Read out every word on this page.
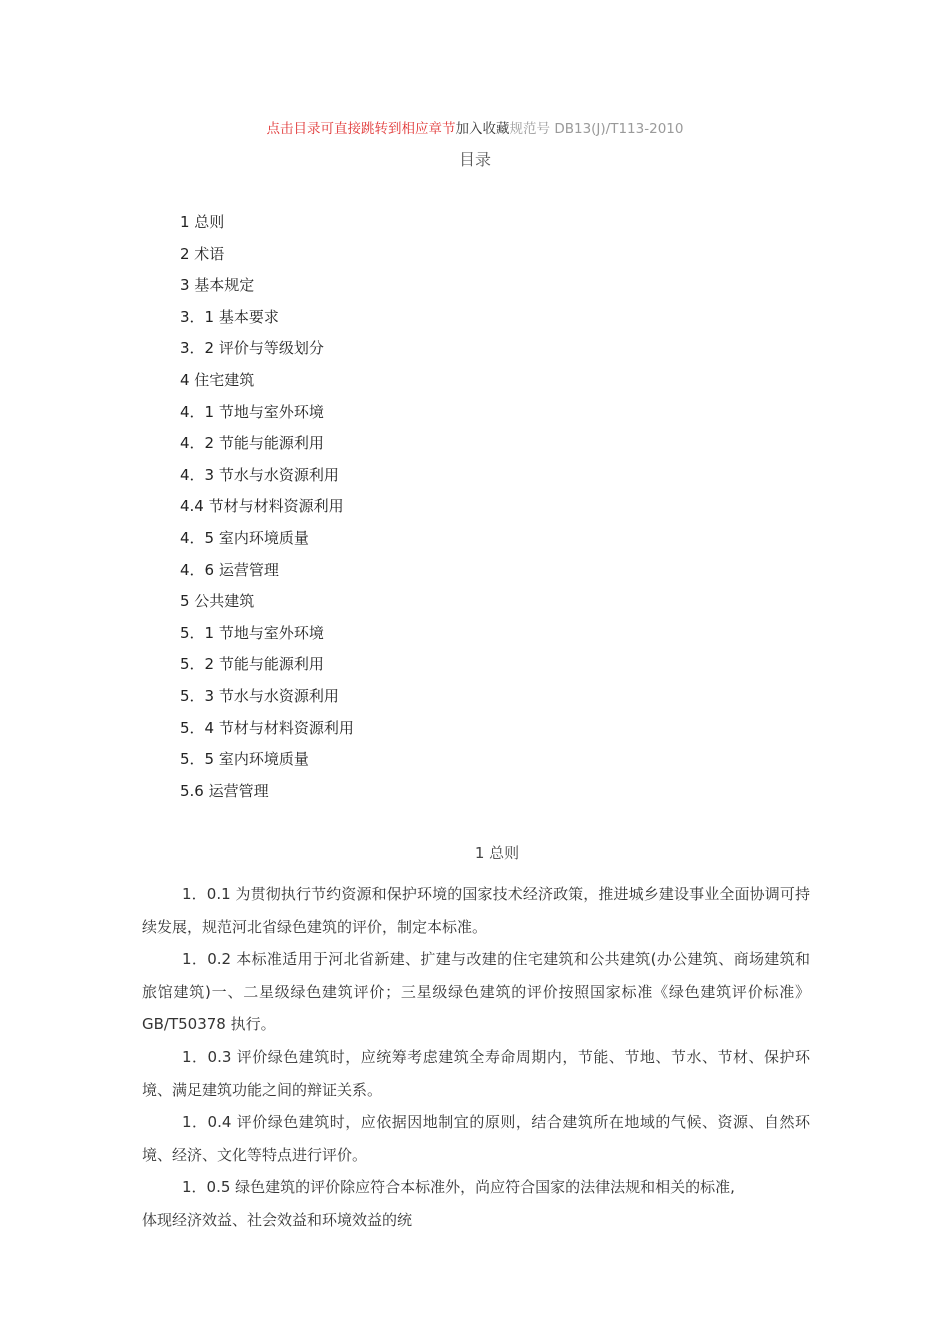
点击目录可直接跳转到相应章节加入收藏规范号 DB13(J)/T113-2010
目录
1 总则
2 术语
3 基本规定
3．1 基本要求
3．2 评价与等级划分
4 住宅建筑
4．1 节地与室外环境
4．2 节能与能源利用
4．3 节水与水资源利用
4.4 节材与材料资源利用
4．5 室内环境质量
4．6 运营管理
5 公共建筑
5．1 节地与室外环境
5．2 节能与能源利用
5．3 节水与水资源利用
5．4 节材与材料资源利用
5．5 室内环境质量
5.6 运营管理
1 总则

1．0.1 为贯彻执行节约资源和保护环境的国家技术经济政策，推进城乡建设事业全面协调可持续发展，规范河北省绿色建筑的评价，制定本标准。

1．0.2 本标准适用于河北省新建、扩建与改建的住宅建筑和公共建筑(办公建筑、商场建筑和旅馆建筑)一、二星级绿色建筑评价；三星级绿色建筑的评价按照国家标准《绿色建筑评价标准》GB/T50378 执行。

1．0.3 评价绿色建筑时，应统筹考虑建筑全寿命周期内，节能、节地、节水、节材、保护环境、满足建筑功能之间的辩证关系。

1．0.4 评价绿色建筑时，应依据因地制宜的原则，结合建筑所在地域的气候、资源、自然环境、经济、文化等特点进行评价。

1．0.5 绿色建筑的评价除应符合本标准外，尚应符合国家的法律法规和相关的标准,

体现经济效益、社会效益和环境效益的统
